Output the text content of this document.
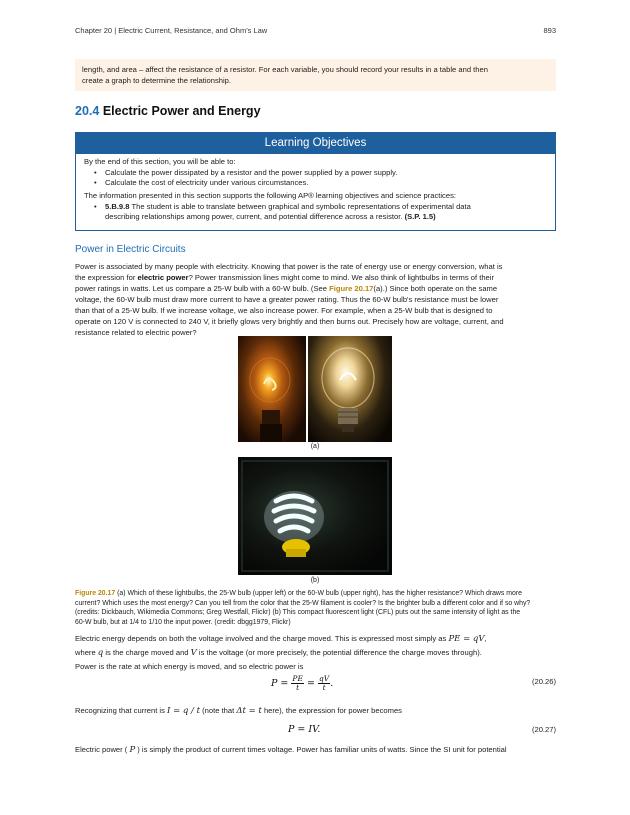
Chapter 20 | Electric Current, Resistance, and Ohm's Law	893
length, and area – affect the resistance of a resistor. For each variable, you should record your results in a table and then
create a graph to determine the relationship.
20.4 Electric Power and Energy
Learning Objectives

By the end of this section, you will be able to:

• Calculate the power dissipated by a resistor and the power supplied by a power supply.
• Calculate the cost of electricity under various circumstances.

The information presented in this section supports the following AP® learning objectives and science practices:

• 5.B.9.8 The student is able to translate between graphical and symbolic representations of experimental data
describing relationships among power, current, and potential difference across a resistor. (S.P. 1.5)
Power in Electric Circuits
Power is associated by many people with electricity. Knowing that power is the rate of energy use or energy conversion, what is
the expression for electric power? Power transmission lines might come to mind. We also think of lightbulbs in terms of their
power ratings in watts. Let us compare a 25-W bulb with a 60-W bulb. (See Figure 20.17(a).) Since both operate on the same
voltage, the 60-W bulb must draw more current to have a greater power rating. Thus the 60-W bulb's resistance must be lower
than that of a 25-W bulb. If we increase voltage, we also increase power. For example, when a 25-W bulb that is designed to
operate on 120 V is connected to 240 V, it briefly glows very brightly and then burns out. Precisely how are voltage, current, and
resistance related to electric power?
(a)
(b)
Figure 20.17 (a) Which of these lightbulbs, the 25-W bulb (upper left) or the 60-W bulb (upper right), has the higher resistance? Which draws more
current? Which uses the most energy? Can you tell from the color that the 25-W filament is cooler? Is the brighter bulb a different color and if so why?
(credits: Dickbauch, Wikimedia Commons; Greg Westfall, Flickr) (b) This compact fluorescent light (CFL) puts out the same intensity of light as the
60-W bulb, but at 1/4 to 1/10 the input power. (credit: dbgg1979, Flickr)
Electric energy depends on both the voltage involved and the charge moved. This is expressed most simply as PE = qV,
where q is the charge moved and V is the voltage (or more precisely, the potential difference the charge moves through).
Power is the rate at which energy is moved, and so electric power is
$P = \frac{PE}{t} = \frac{qV}{t}$ .	(20.26)
Recognizing that current is I = q / t (note that Δt = t here), the expression for power becomes
P = IV.	(20.27)
Electric power ( P ) is simply the product of current times voltage. Power has familiar units of watts. Since the SI unit for potential
